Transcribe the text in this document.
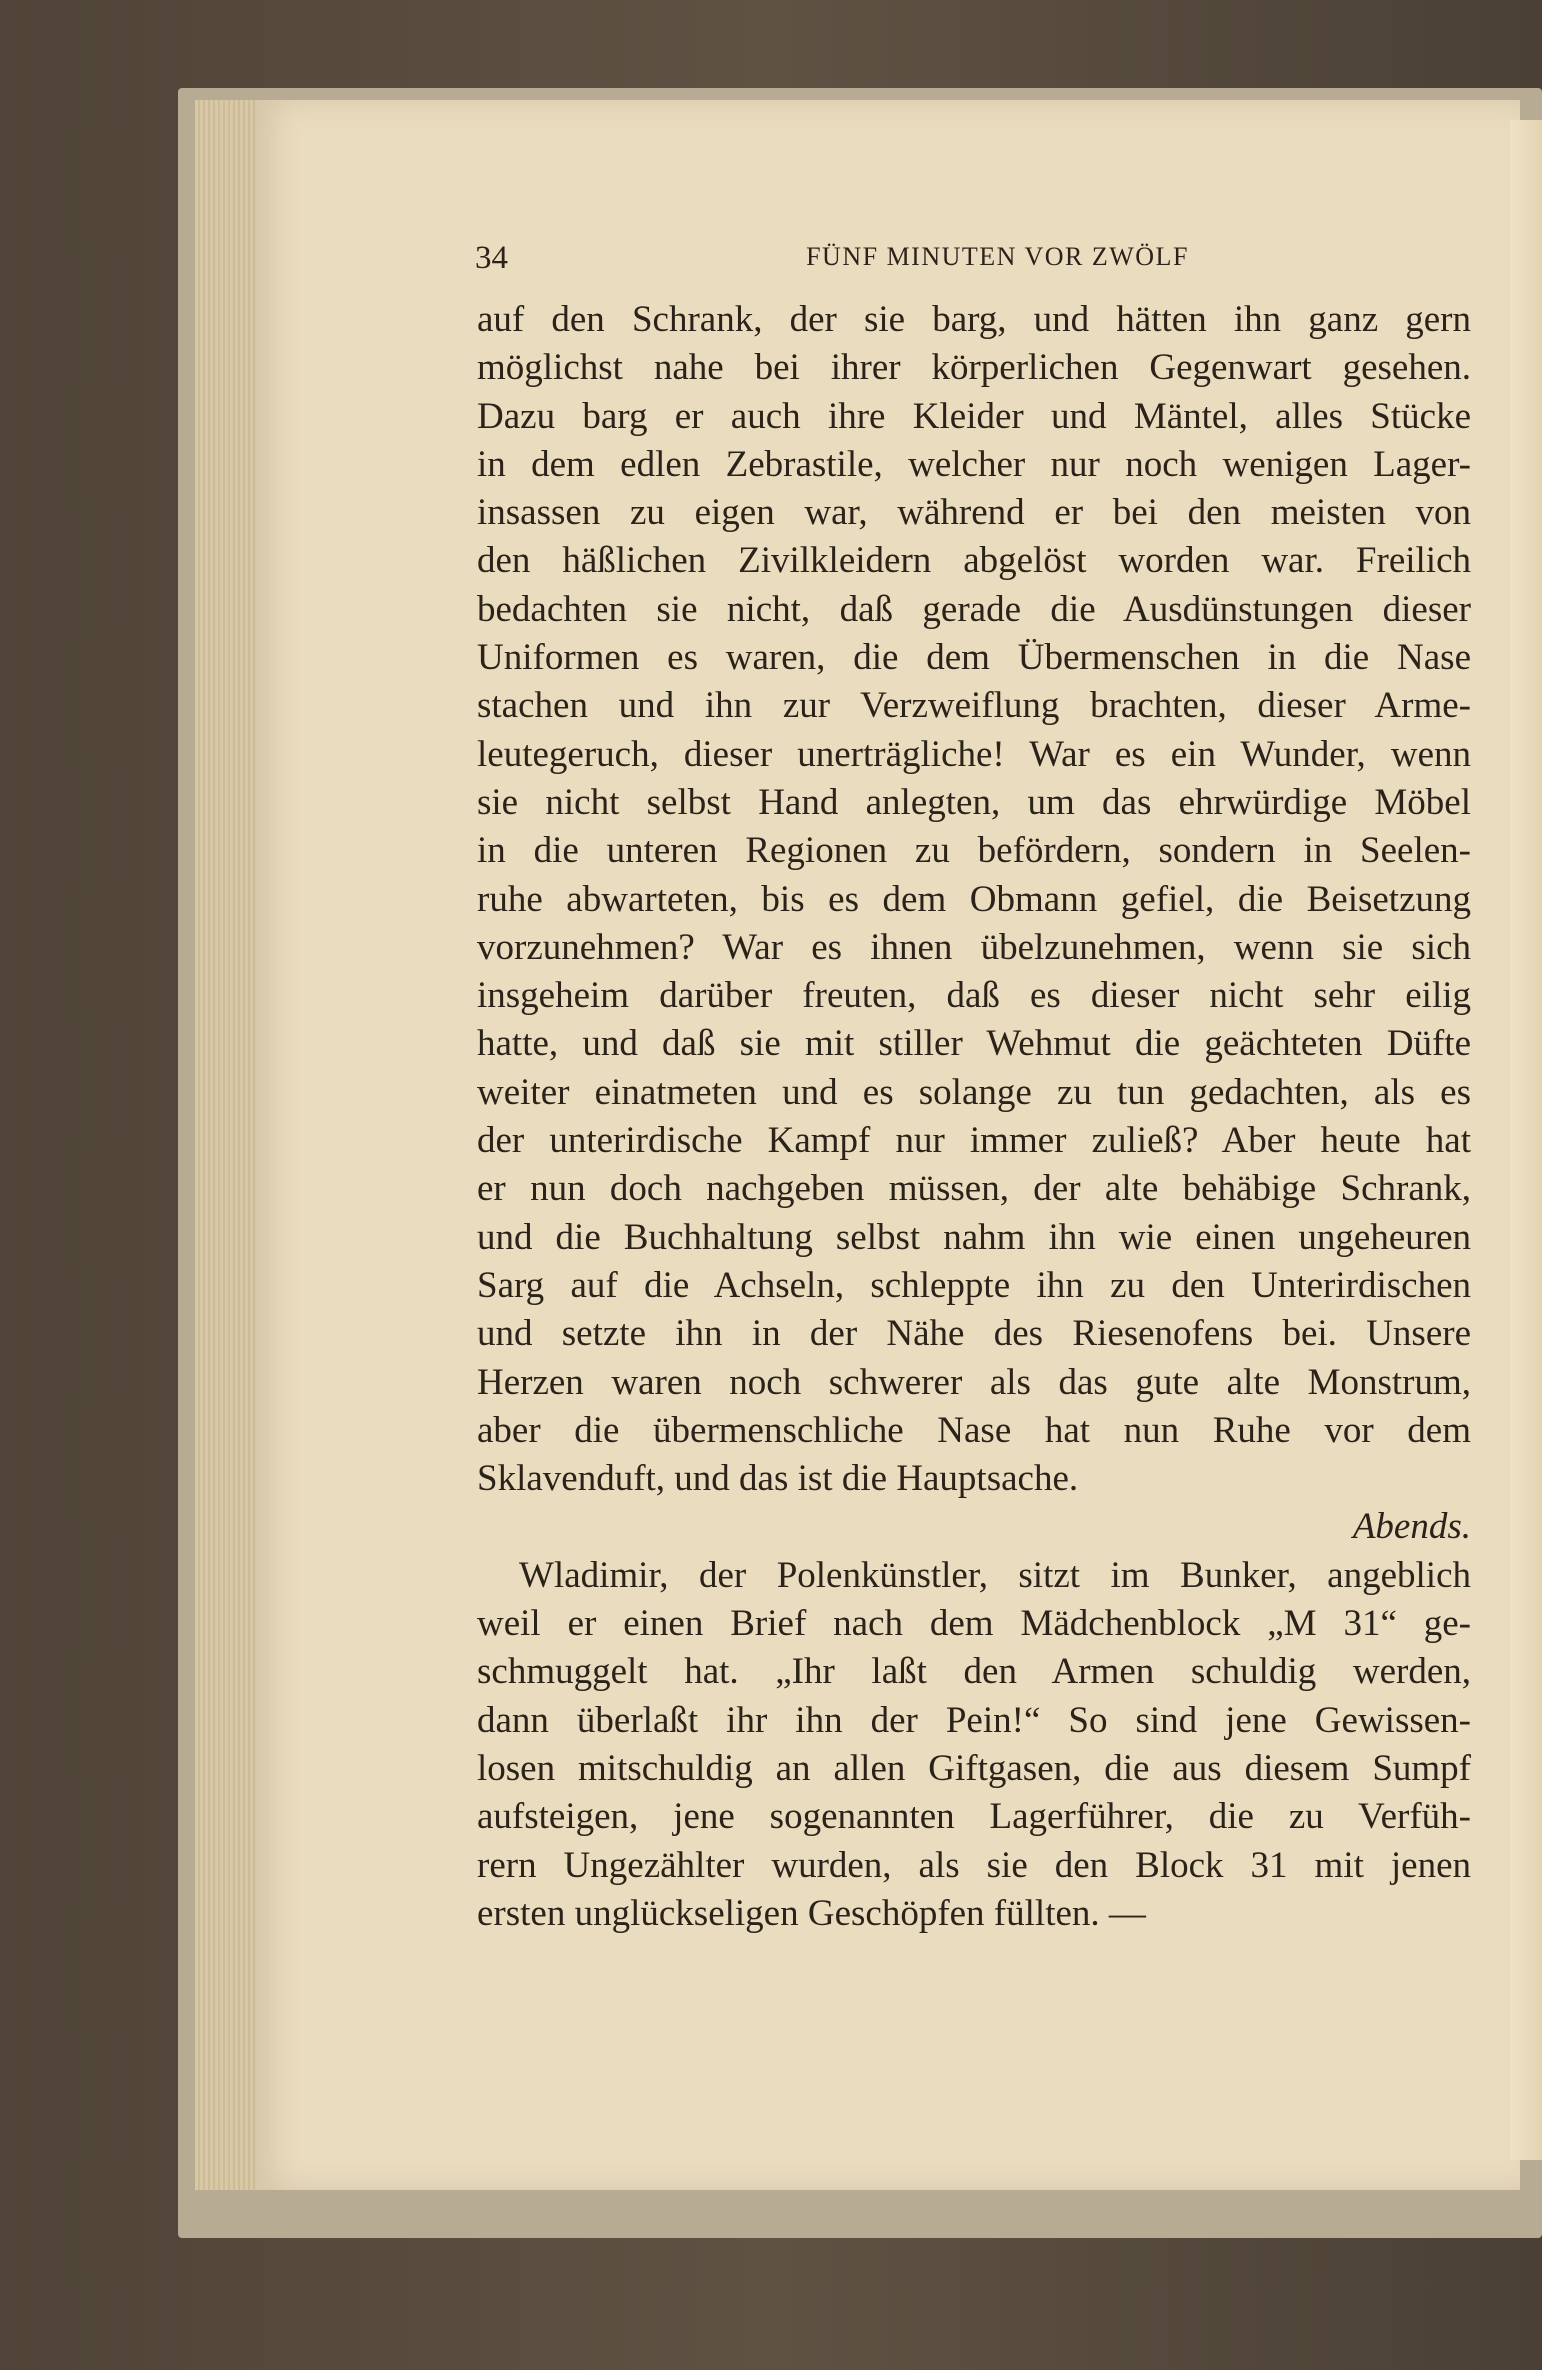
34	FÜNF MINUTEN VOR ZWÖLF
auf den Schrank, der sie barg, und hätten ihn ganz gern
möglichst nahe bei ihrer körperlichen Gegenwart gesehen.
Dazu barg er auch ihre Kleider und Mäntel, alles Stücke
in dem edlen Zebrastile, welcher nur noch wenigen Lager-
insassen zu eigen war, während er bei den meisten von
den häßlichen Zivilkleidern abgelöst worden war. Freilich
bedachten sie nicht, daß gerade die Ausdünstungen dieser
Uniformen es waren, die dem Übermenschen in die Nase
stachen und ihn zur Verzweiflung brachten, dieser Arme-
leutegeruch, dieser unerträgliche! War es ein Wunder, wenn
sie nicht selbst Hand anlegten, um das ehrwürdige Möbel
in die unteren Regionen zu befördern, sondern in Seelen-
ruhe abwarteten, bis es dem Obmann gefiel, die Beisetzung
vorzunehmen? War es ihnen übelzunehmen, wenn sie sich
insgeheim darüber freuten, daß es dieser nicht sehr eilig
hatte, und daß sie mit stiller Wehmut die geächteten Düfte
weiter einatmeten und es solange zu tun gedachten, als es
der unterirdische Kampf nur immer zuließ? Aber heute hat
er nun doch nachgeben müssen, der alte behäbige Schrank,
und die Buchhaltung selbst nahm ihn wie einen ungeheuren
Sarg auf die Achseln, schleppte ihn zu den Unterirdischen
und setzte ihn in der Nähe des Riesenofens bei. Unsere
Herzen waren noch schwerer als das gute alte Monstrum,
aber die übermenschliche Nase hat nun Ruhe vor dem
Sklavenduft, und das ist die Hauptsache.
Abends.
Wladimir, der Polenkünstler, sitzt im Bunker, angeblich
weil er einen Brief nach dem Mädchenblock „M 31“ ge-
schmuggelt hat. „Ihr laßt den Armen schuldig werden,
dann überlaßt ihr ihn der Pein!“ So sind jene Gewissen-
losen mitschuldig an allen Giftgasen, die aus diesem Sumpf
aufsteigen, jene sogenannten Lagerführer, die zu Verfüh-
rern Ungezählter wurden, als sie den Block 31 mit jenen
ersten unglückseligen Geschöpfen füllten. —
